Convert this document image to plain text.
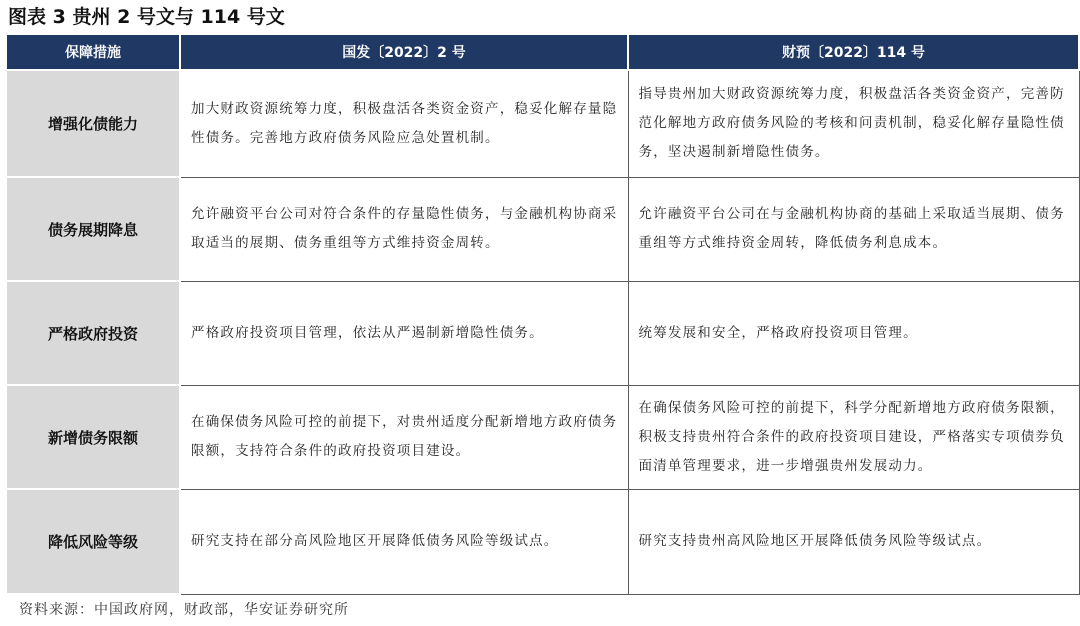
图表 3 贵州 2 号文与 114 号文
保障措施	国发〔2022〕2 号	财预〔2022〕114 号
增强化债能力	加大财政资源统筹力度，积极盘活各类资金资产，稳妥化解存量隐性债务。完善地方政府债务风险应急处置机制。	指导贵州加大财政资源统筹力度，积极盘活各类资金资产，完善防范化解地方政府债务风险的考核和问责机制，稳妥化解存量隐性债务，坚决遏制新增隐性债务。
债务展期降息	允许融资平台公司对符合条件的存量隐性债务，与金融机构协商采取适当的展期、债务重组等方式维持资金周转。	允许融资平台公司在与金融机构协商的基础上采取适当展期、债务重组等方式维持资金周转，降低债务利息成本。
严格政府投资	严格政府投资项目管理，依法从严遏制新增隐性债务。	统筹发展和安全，严格政府投资项目管理。
新增债务限额	在确保债务风险可控的前提下，对贵州适度分配新增地方政府债务限额，支持符合条件的政府投资项目建设。	在确保债务风险可控的前提下，科学分配新增地方政府债务限额，积极支持贵州符合条件的政府投资项目建设，严格落实专项债券负面清单管理要求，进一步增强贵州发展动力。
降低风险等级	研究支持在部分高风险地区开展降低债务风险等级试点。	研究支持贵州高风险地区开展降低债务风险等级试点。
资料来源：中国政府网，财政部，华安证券研究所
